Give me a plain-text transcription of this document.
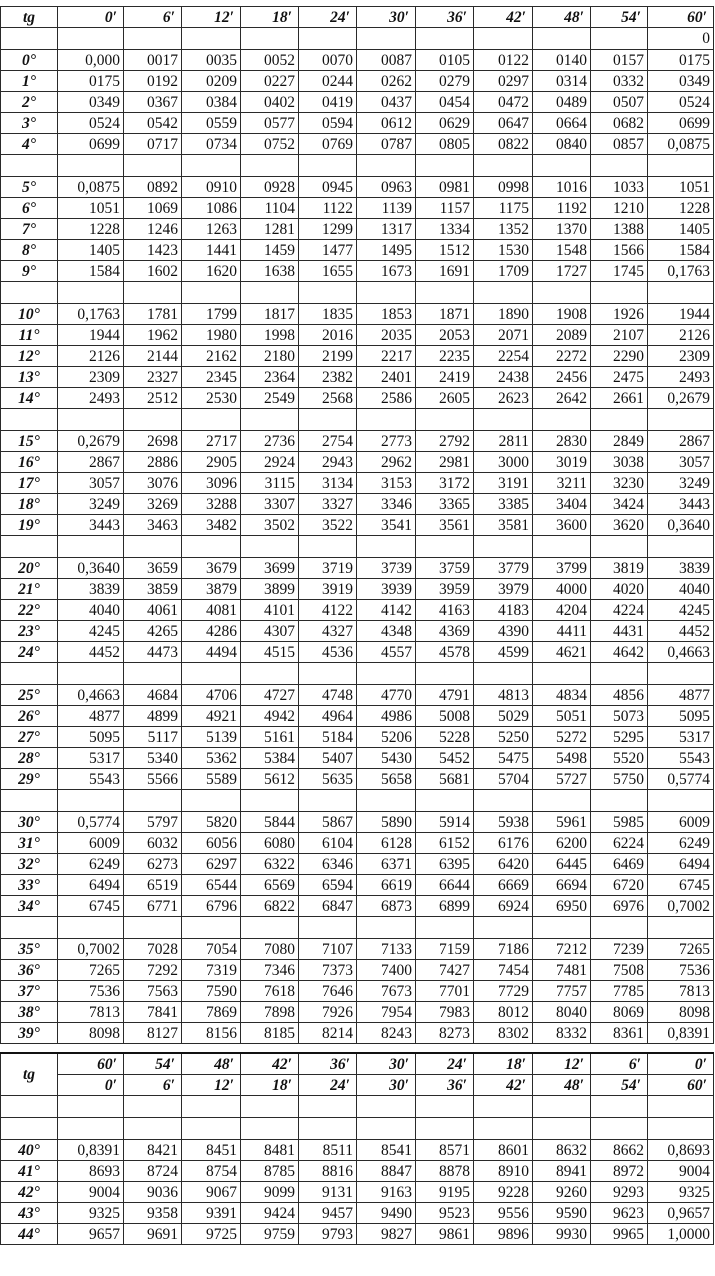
tg	0′	6′	12′	18′	24′	30′	36′	42′	48′	54′	60′
											0
0°	0,000	0017	0035	0052	0070	0087	0105	0122	0140	0157	0175
1°	0175	0192	0209	0227	0244	0262	0279	0297	0314	0332	0349
2°	0349	0367	0384	0402	0419	0437	0454	0472	0489	0507	0524
3°	0524	0542	0559	0577	0594	0612	0629	0647	0664	0682	0699
4°	0699	0717	0734	0752	0769	0787	0805	0822	0840	0857	0,0875

5°	0,0875	0892	0910	0928	0945	0963	0981	0998	1016	1033	1051
6°	1051	1069	1086	1104	1122	1139	1157	1175	1192	1210	1228
7°	1228	1246	1263	1281	1299	1317	1334	1352	1370	1388	1405
8°	1405	1423	1441	1459	1477	1495	1512	1530	1548	1566	1584
9°	1584	1602	1620	1638	1655	1673	1691	1709	1727	1745	0,1763

10°	0,1763	1781	1799	1817	1835	1853	1871	1890	1908	1926	1944
11°	1944	1962	1980	1998	2016	2035	2053	2071	2089	2107	2126
12°	2126	2144	2162	2180	2199	2217	2235	2254	2272	2290	2309
13°	2309	2327	2345	2364	2382	2401	2419	2438	2456	2475	2493
14°	2493	2512	2530	2549	2568	2586	2605	2623	2642	2661	0,2679

15°	0,2679	2698	2717	2736	2754	2773	2792	2811	2830	2849	2867
16°	2867	2886	2905	2924	2943	2962	2981	3000	3019	3038	3057
17°	3057	3076	3096	3115	3134	3153	3172	3191	3211	3230	3249
18°	3249	3269	3288	3307	3327	3346	3365	3385	3404	3424	3443
19°	3443	3463	3482	3502	3522	3541	3561	3581	3600	3620	0,3640

20°	0,3640	3659	3679	3699	3719	3739	3759	3779	3799	3819	3839
21°	3839	3859	3879	3899	3919	3939	3959	3979	4000	4020	4040
22°	4040	4061	4081	4101	4122	4142	4163	4183	4204	4224	4245
23°	4245	4265	4286	4307	4327	4348	4369	4390	4411	4431	4452
24°	4452	4473	4494	4515	4536	4557	4578	4599	4621	4642	0,4663

25°	0,4663	4684	4706	4727	4748	4770	4791	4813	4834	4856	4877
26°	4877	4899	4921	4942	4964	4986	5008	5029	5051	5073	5095
27°	5095	5117	5139	5161	5184	5206	5228	5250	5272	5295	5317
28°	5317	5340	5362	5384	5407	5430	5452	5475	5498	5520	5543
29°	5543	5566	5589	5612	5635	5658	5681	5704	5727	5750	0,5774

30°	0,5774	5797	5820	5844	5867	5890	5914	5938	5961	5985	6009
31°	6009	6032	6056	6080	6104	6128	6152	6176	6200	6224	6249
32°	6249	6273	6297	6322	6346	6371	6395	6420	6445	6469	6494
33°	6494	6519	6544	6569	6594	6619	6644	6669	6694	6720	6745
34°	6745	6771	6796	6822	6847	6873	6899	6924	6950	6976	0,7002

35°	0,7002	7028	7054	7080	7107	7133	7159	7186	7212	7239	7265
36°	7265	7292	7319	7346	7373	7400	7427	7454	7481	7508	7536
37°	7536	7563	7590	7618	7646	7673	7701	7729	7757	7785	7813
38°	7813	7841	7869	7898	7926	7954	7983	8012	8040	8069	8098
39°	8098	8127	8156	8185	8214	8243	8273	8302	8332	8361	0,8391

tg	60′	54′	48′	42′	36′	30′	24′	18′	12′	6′	0′
	0′	6′	12′	18′	24′	30′	36′	42′	48′	54′	60′

40°	0,8391	8421	8451	8481	8511	8541	8571	8601	8632	8662	0,8693
41°	8693	8724	8754	8785	8816	8847	8878	8910	8941	8972	9004
42°	9004	9036	9067	9099	9131	9163	9195	9228	9260	9293	9325
43°	9325	9358	9391	9424	9457	9490	9523	9556	9590	9623	0,9657
44°	9657	9691	9725	9759	9793	9827	9861	9896	9930	9965	1,0000
